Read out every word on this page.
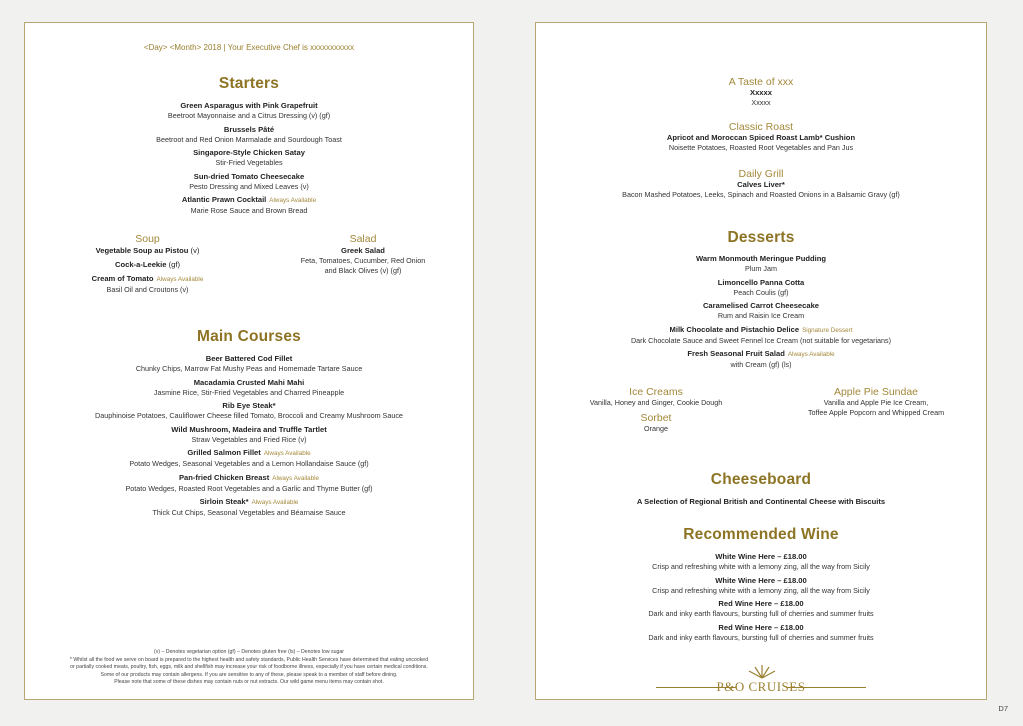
<Day> <Month> 2018 | Your Executive Chef is xxxxxxxxxxx
Starters
Green Asparagus with Pink Grapefruit
Beetroot Mayonnaise and a Citrus Dressing (v) (gf)
Brussels Pâté
Beetroot and Red Onion Marmalade and Sourdough Toast
Singapore-Style Chicken Satay
Stir-Fried Vegetables
Sun-dried Tomato Cheesecake
Pesto Dressing and Mixed Leaves (v)
Atlantic Prawn Cocktail Always Available
Marie Rose Sauce and Brown Bread
Soup
Vegetable Soup au Pistou (v)
Cock-a-Leekie (gf)
Cream of Tomato Always Available
Basil Oil and Croutons (v)
Salad
Greek Salad
Feta, Tomatoes, Cucumber, Red Onion
and Black Olives (v) (gf)
Main Courses
Beer Battered Cod Fillet
Chunky Chips, Marrow Fat Mushy Peas and Homemade Tartare Sauce
Macadamia Crusted Mahi Mahi
Jasmine Rice, Stir-Fried Vegetables and Charred Pineapple
Rib Eye Steak*
Dauphinoise Potatoes, Cauliflower Cheese filled Tomato, Broccoli and Creamy Mushroom Sauce
Wild Mushroom, Madeira and Truffle Tartlet
Straw Vegetables and Fried Rice (v)
Grilled Salmon Fillet Always Available
Potato Wedges, Seasonal Vegetables and a Lemon Hollandaise Sauce (gf)
Pan-fried Chicken Breast Always Available
Potato Wedges, Roasted Root Vegetables and a Garlic and Thyme Butter (gf)
Sirloin Steak* Always Available
Thick Cut Chips, Seasonal Vegetables and Béarnaise Sauce
(v) – Denotes vegetarian option (gf) – Denotes gluten free (ls) – Denotes low sugar
* Whilst all the food we serve on board is prepared to the highest health and safety standards, Public Health Services have determined that eating uncooked
or partially cooked meats, poultry, fish, eggs, milk and shellfish may increase your risk of foodborne illness, especially if you have certain medical conditions.
Some of our products may contain allergens. If you are sensitive to any of these, please speak to a member of staff before dining.
Please note that some of these dishes may contain nuts or nut extracts. Our wild game menu items may contain shot.
A Taste of xxx
Xxxxx
Xxxxx
Classic Roast
Apricot and Moroccan Spiced Roast Lamb* Cushion
Noisette Potatoes, Roasted Root Vegetables and Pan Jus
Daily Grill
Calves Liver*
Bacon Mashed Potatoes, Leeks, Spinach and Roasted Onions in a Balsamic Gravy (gf)
Desserts
Warm Monmouth Meringue Pudding
Plum Jam
Limoncello Panna Cotta
Peach Coulis (gf)
Caramelised Carrot Cheesecake
Rum and Raisin Ice Cream
Milk Chocolate and Pistachio Delice Signature Dessert
Dark Chocolate Sauce and Sweet Fennel Ice Cream (not suitable for vegetarians)
Fresh Seasonal Fruit Salad Always Available
with Cream (gf) (ls)
Ice Creams
Vanilla, Honey and Ginger, Cookie Dough
Sorbet
Orange
Apple Pie Sundae
Vanilla and Apple Pie Ice Cream,
Toffee Apple Popcorn and Whipped Cream
Cheeseboard
A Selection of Regional British and Continental Cheese with Biscuits
Recommended Wine
White Wine Here – £18.00
Crisp and refreshing white with a lemony zing, all the way from Sicily
White Wine Here – £18.00
Crisp and refreshing white with a lemony zing, all the way from Sicily
Red Wine Here – £18.00
Dark and inky earth flavours, bursting full of cherries and summer fruits
Red Wine Here – £18.00
Dark and inky earth flavours, bursting full of cherries and summer fruits
P&O CRUISES
D7
